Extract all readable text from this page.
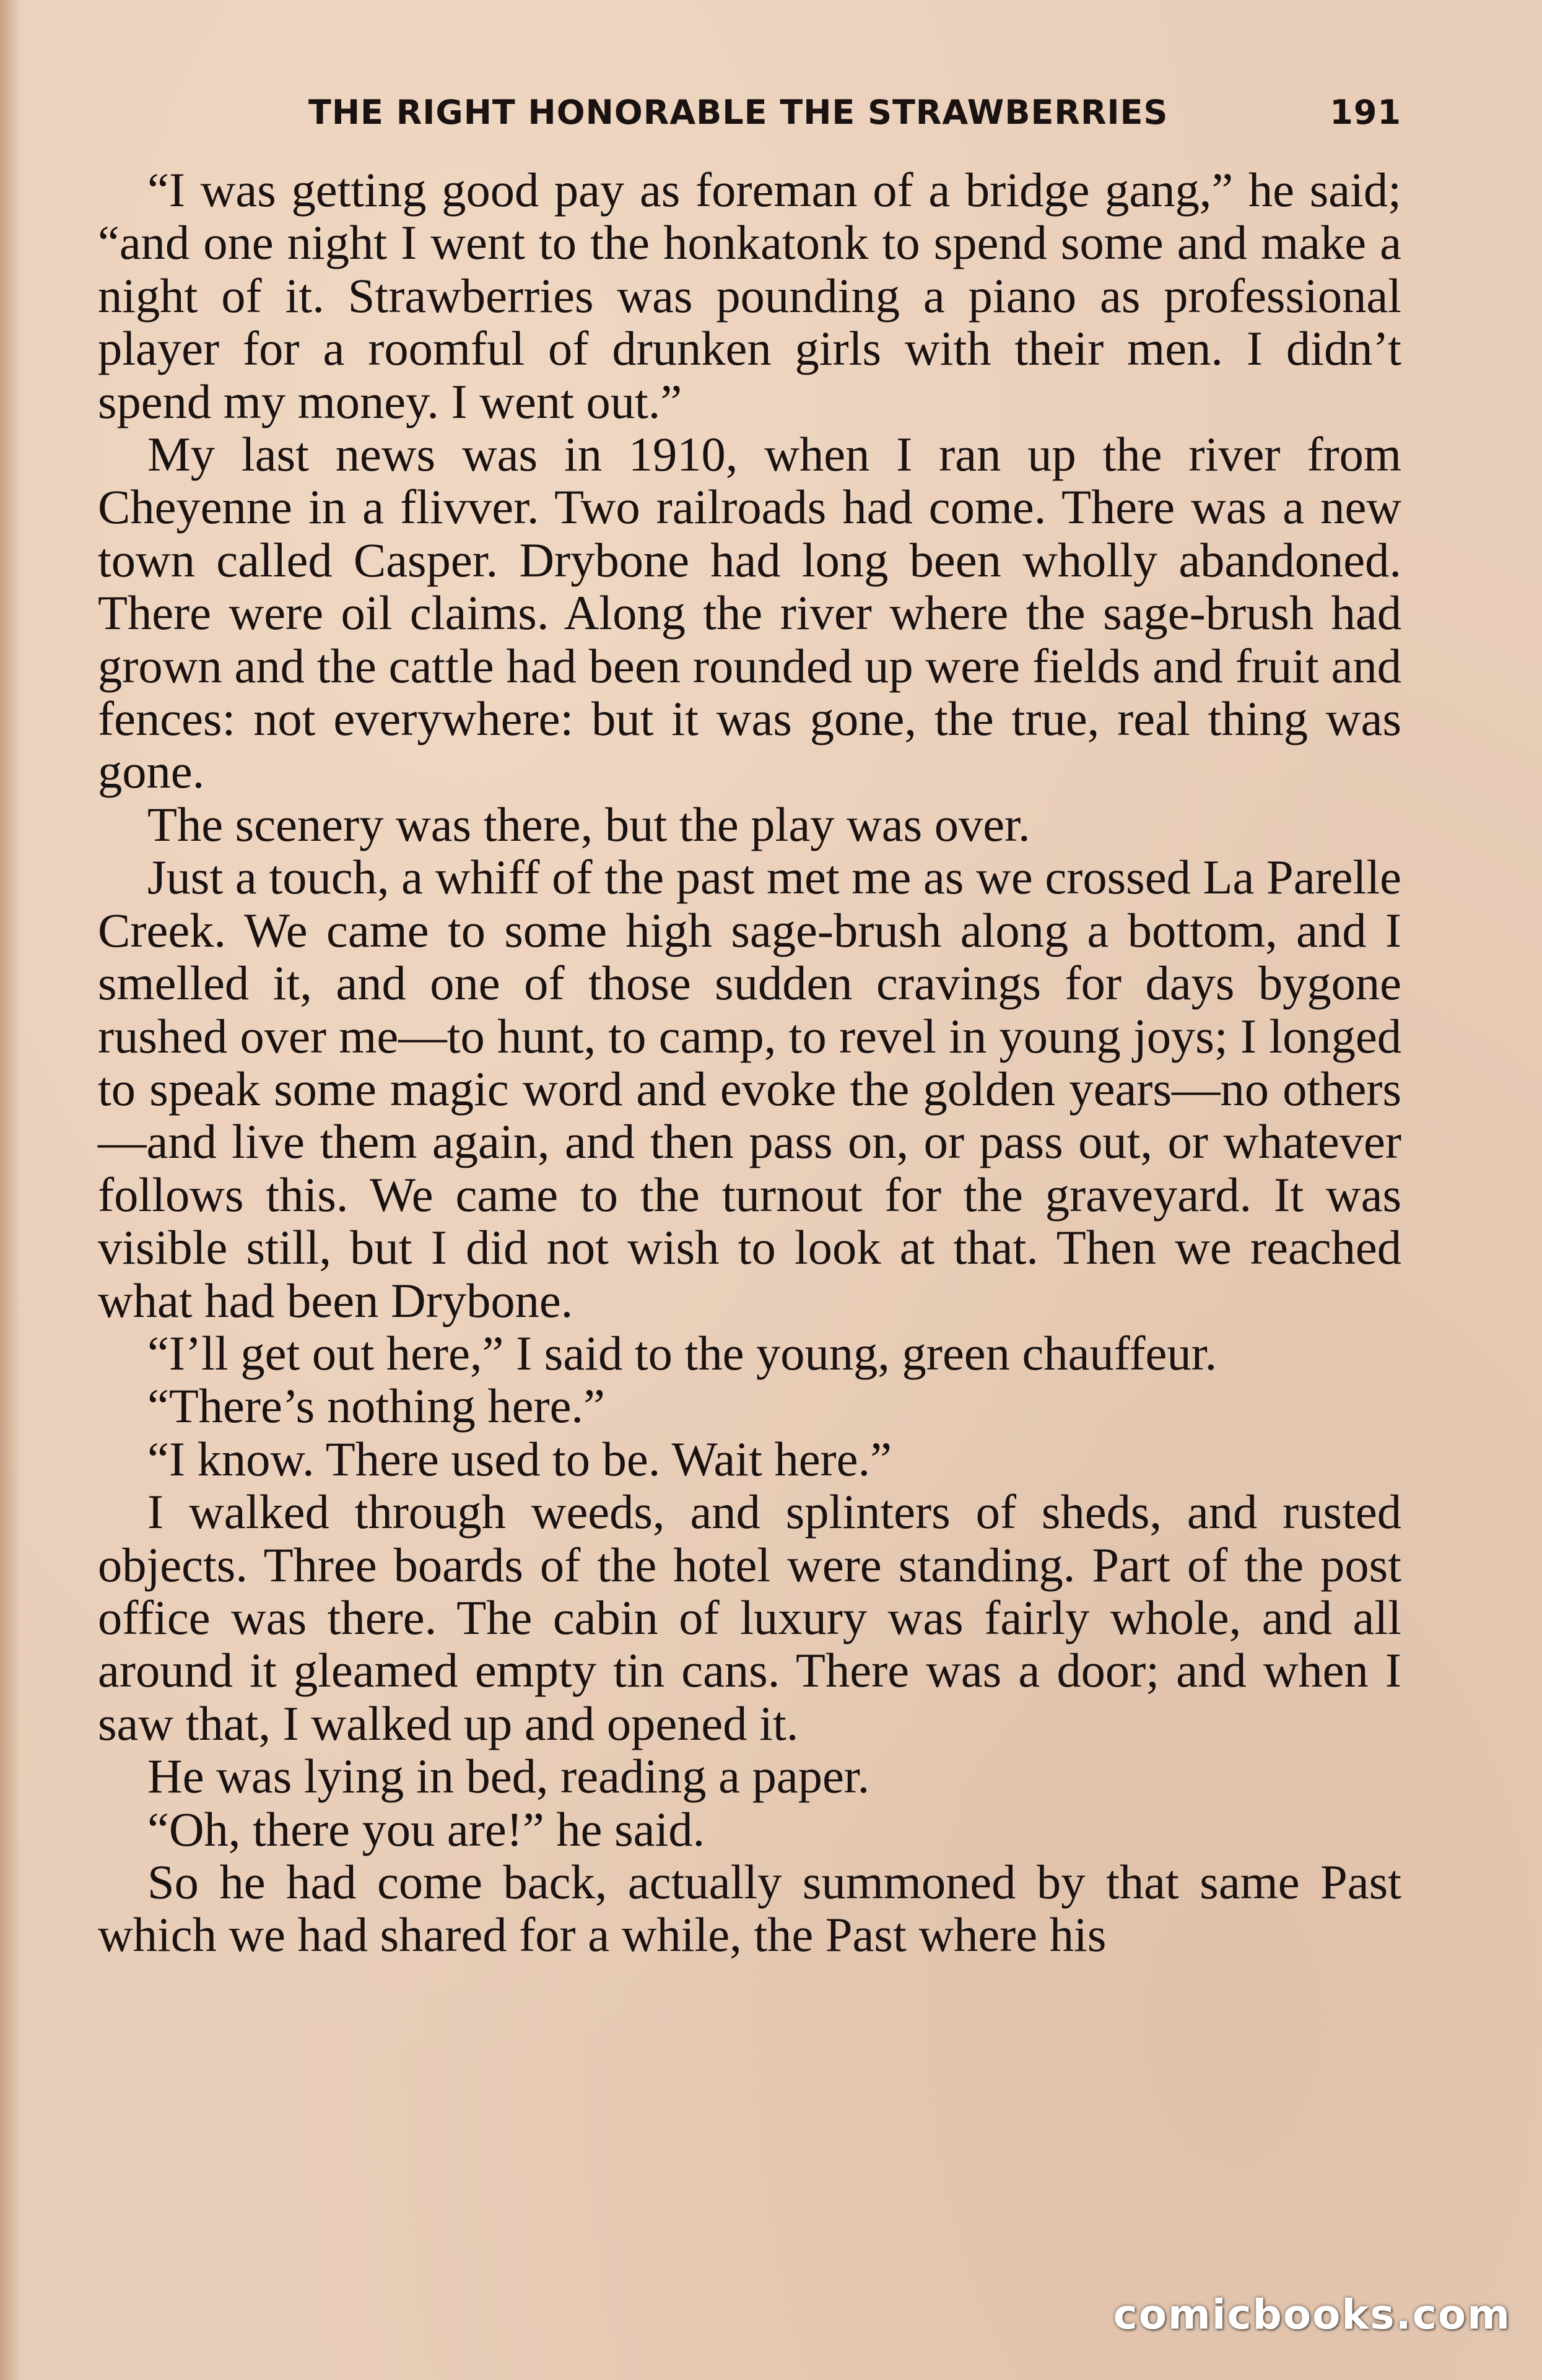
THE RIGHT HONORABLE THE STRAWBERRIES	191

“I was getting good pay as foreman of a bridge gang,” he said; “and one night I went to the honkatonk to spend some and make a night of it. Strawberries was pounding a piano as professional player for a roomful of drunken girls with their men. I didn’t spend my money. I went out.”

My last news was in 1910, when I ran up the river from Cheyenne in a flivver. Two railroads had come. There was a new town called Casper. Drybone had long been wholly abandoned. There were oil claims. Along the river where the sage-brush had grown and the cattle had been rounded up were fields and fruit and fences: not everywhere: but it was gone, the true, real thing was gone.

The scenery was there, but the play was over.

Just a touch, a whiff of the past met me as we crossed La Parelle Creek. We came to some high sage-brush along a bottom, and I smelled it, and one of those sudden cravings for days bygone rushed over me—to hunt, to camp, to revel in young joys; I longed to speak some magic word and evoke the golden years—no others—and live them again, and then pass on, or pass out, or whatever follows this. We came to the turnout for the graveyard. It was visible still, but I did not wish to look at that. Then we reached what had been Drybone.

“I’ll get out here,” I said to the young, green chauffeur.

“There’s nothing here.”

“I know. There used to be. Wait here.”

I walked through weeds, and splinters of sheds, and rusted objects. Three boards of the hotel were standing. Part of the post office was there. The cabin of luxury was fairly whole, and all around it gleamed empty tin cans. There was a door; and when I saw that, I walked up and opened it.

He was lying in bed, reading a paper.

“Oh, there you are!” he said.

So he had come back, actually summoned by that same Past which we had shared for a while, the Past where his

comicbooks.com
